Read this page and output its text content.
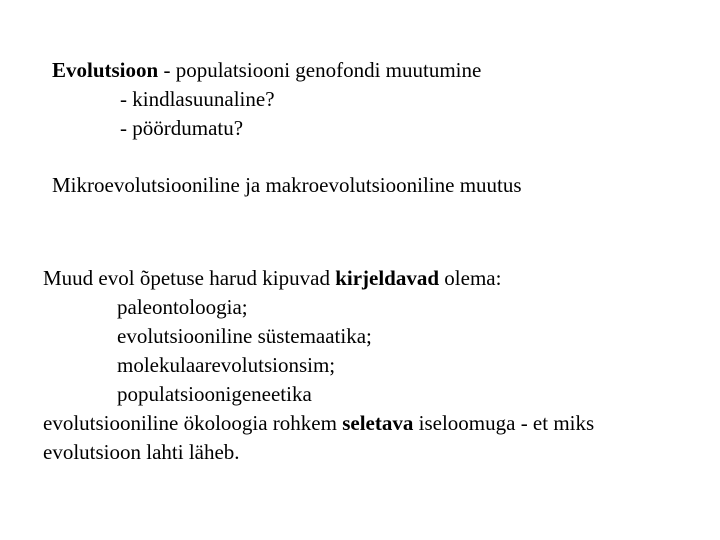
Evolutsioon - populatsiooni genofondi muutumine

- kindlasuunaline?

- pöördumatu?

Mikroevolutsiooniline ja makroevolutsiooniline muutus

Muud evol õpetuse harud kipuvad kirjeldavad olema:

paleontoloogia;

evolutsiooniline süstemaatika;

molekulaarevolutsionsim;

populatsioonigeneetika

evolutsiooniline ökoloogia rohkem seletava iseloomuga - et miks

evolutsioon lahti läheb.
